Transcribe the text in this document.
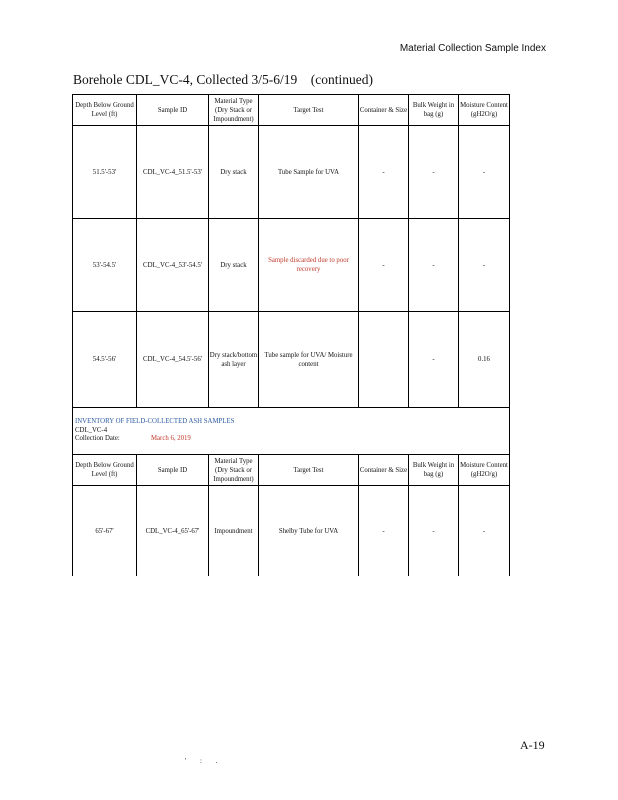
Material Collection Sample Index
Borehole CDL_VC-4, Collected 3/5-6/19 (continued)
Depth Below Ground Level (ft)	Sample ID	Material Type (Dry Stack or Impoundment)	Target Test	Container & Size	Bulk Weight in bag (g)	Moisture Content (gH2O/g)
51.5'-53'	CDL_VC-4_51.5'-53'	Dry stack	Tube Sample for UVA	-	-	-
53'-54.5'	CDL_VC-4_53'-54.5'	Dry stack	Sample discarded due to poor recovery	-	-	-
54.5'-56'	CDL_VC-4_54.5'-56'	Dry stack/bottom ash layer	Tube sample for UVA/ Moisture content		-	0.16
INVENTORY OF FIELD-COLLECTED ASH SAMPLES
CDL_VC-4
Collection Date:	March 6, 2019
Depth Below Ground Level (ft)	Sample ID	Material Type (Dry Stack or Impoundment)	Target Test	Container & Size	Bulk Weight in bag (g)	Moisture Content (gH2O/g)
65'-67'	CDL_VC-4_65'-67'	Impoundment	Shelby Tube for UVA	-	-	-
A-19
' : .
